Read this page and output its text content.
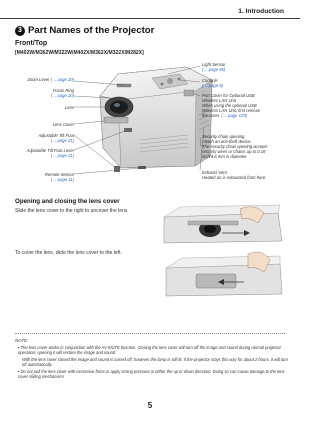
1. Introduction
3 Part Names of the Projector
Front/Top
[M402W/M362W/M322W/M402X/M362X/M322X/M282X]
Zoom Lever (→ page 20)
Focus Ring
(→ page 20)
Lens
Lens Cover
Adjustable Tilt Foot
(→ page 21)
Adjustable Tilt Foot Lever
(→ page 21)
Remote Sensor
(→ page 11)
Light Sensor
(→ page 85)
Controls
(→ page 8)
Port Cover for Optional USB
Wireless LAN Unit
When using the optional USB
Wireless LAN Unit, first remove
the cover. (→ page 129)
Security chain opening
Attach an anti-theft device.
The security chain opening accepts
security wires or chains up to 0.18
inch/4.6 mm in diameter.
Exhaust Vent
Heated air is exhausted from here.
Opening and closing the lens cover
Slide the lens cover to the right to uncover the lens.
To cover the lens, slide the lens cover to the left.
NOTE:
• The lens cover works in conjunction with the AV-MUTE function. Closing the lens cover will turn off the image and sound during normal projector operation; opening it will restore the image and sound.
With the lens cover closed the image and sound is turned off, however the lamp is still lit. If the projector stays this way for about 2 hours, it will turn off automatically.
• Do not pull the lens cover with excessive force or apply strong pressure in either the up or down direction. Doing so can cause damage to the lens cover sliding mechanism!
5
